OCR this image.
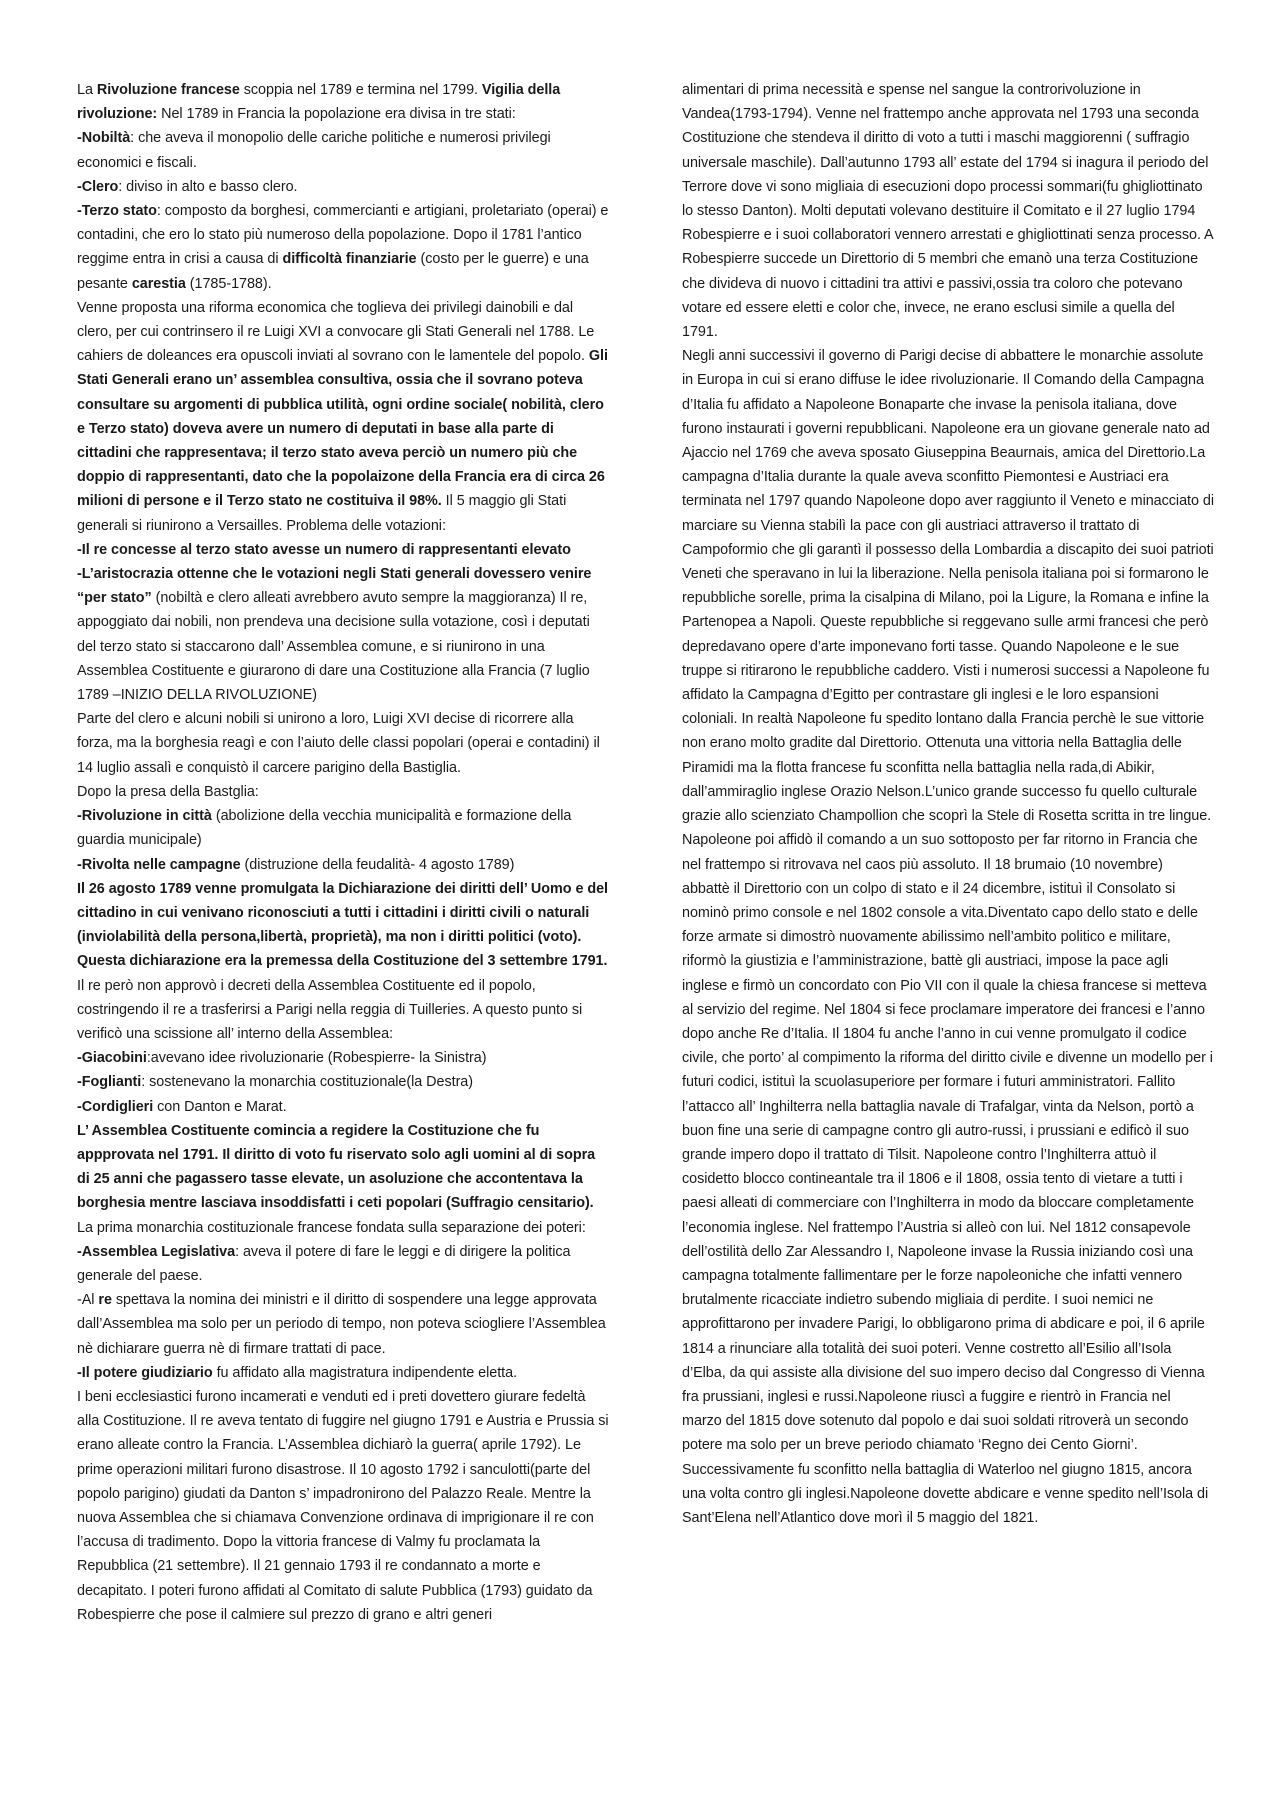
La Rivoluzione francese scoppia nel 1789 e termina nel 1799. Vigilia della rivoluzione: Nel 1789 in Francia la popolazione era divisa in tre stati:

-Nobiltà: che aveva il monopolio delle cariche politiche e numerosi privilegi economici e fiscali.

-Clero: diviso in alto e basso clero.

-Terzo stato: composto da borghesi, commercianti e artigiani, proletariato (operai) e contadini, che ero lo stato più numeroso della popolazione. Dopo il 1781 l’antico reggime entra in crisi a causa di difficoltà finanziarie (costo per le guerre) e una pesante carestia (1785-1788).

Venne proposta una riforma economica che toglieva dei privilegi dainobili e dal clero, per cui contrinsero il re Luigi XVI a convocare gli Stati Generali nel 1788. Le cahiers de doleances era opuscoli inviati al sovrano con le lamentele del popolo. Gli Stati Generali erano un’ assemblea consultiva, ossia che il sovrano poteva consultare su argomenti di pubblica utilità, ogni ordine sociale( nobilità, clero e Terzo stato) doveva avere un numero di deputati in base alla parte di cittadini che rappresentava; il terzo stato aveva perciò un numero più che doppio di rappresentanti, dato che la popolaizone della Francia era di circa 26 milioni di persone e il Terzo stato ne costituiva il 98%. Il 5 maggio gli Stati generali si riunirono a Versailles. Problema delle votazioni:

-Il re concesse al terzo stato avesse un numero di rappresentanti elevato

-L’aristocrazia ottenne che le votazioni negli Stati generali dovessero venire “per stato” (nobiltà e clero alleati avrebbero avuto sempre la maggioranza) Il re, appoggiato dai nobili, non prendeva una decisione sulla votazione, così i deputati del terzo stato si staccarono dall’ Assemblea comune, e si riunirono in una Assemblea Costituente e giurarono di dare una Costituzione alla Francia (7 luglio 1789 –INIZIO DELLA RIVOLUZIONE)

Parte del clero e alcuni nobili si unirono a loro, Luigi XVI decise di ricorrere alla forza, ma la borghesia reagì e con l’aiuto delle classi popolari (operai e contadini) il 14 luglio assalì e conquistò il carcere parigino della Bastiglia.

Dopo la presa della Bastglia:

-Rivoluzione in città (abolizione della vecchia municipalità e formazione della guardia municipale)

-Rivolta nelle campagne (distruzione della feudalità- 4 agosto 1789)

Il 26 agosto 1789 venne promulgata la Dichiarazione dei diritti dell’ Uomo e del cittadino in cui venivano riconosciuti a tutti i cittadini i diritti civili o naturali (inviolabilità della persona,libertà, proprietà), ma non i diritti politici (voto). Questa dichiarazione era la premessa della Costituzione del 3 settembre 1791. Il re però non approvò i decreti della Assemblea Costituente ed il popolo, costringendo il re a trasferirsi a Parigi nella reggia di Tuilleries. A questo punto si verificò una scissione all’ interno della Assemblea:

-Giacobini:avevano idee rivoluzionarie (Robespierre- la Sinistra)

-Foglianti: sostenevano la monarchia costituzionale(la Destra)

-Cordiglieri con Danton e Marat.

L’ Assemblea Costituente comincia a regidere la Costituzione che fu appprovata nel 1791. Il diritto di voto fu riservato solo agli uomini al di sopra di 25 anni che pagassero tasse elevate, un asoluzione che accontentava la borghesia mentre lasciava insoddisfatti i ceti popolari (Suffragio censitario). La prima monarchia costituzionale francese fondata sulla separazione dei poteri:

-Assemblea Legislativa: aveva il potere di fare le leggi e di dirigere la politica generale del paese.

-Al re spettava la nomina dei ministri e il diritto di sospendere una legge approvata dall’Assemblea ma solo per un periodo di tempo, non poteva sciogliere l’Assemblea nè dichiarare guerra nè di firmare trattati di pace.

-Il potere giudiziario fu affidato alla magistratura indipendente eletta.

I beni ecclesiastici furono incamerati e venduti ed i preti dovettero giurare fedeltà alla Costituzione. Il re aveva tentato di fuggire nel giugno 1791 e Austria e Prussia si erano alleate contro la Francia. L’Assemblea dichiarò la guerra( aprile 1792). Le prime operazioni militari furono disastrose. Il 10 agosto 1792 i sanculotti(parte del popolo parigino) giudati da Danton s’ impadronirono del Palazzo Reale. Mentre la nuova Assemblea che si chiamava Convenzione ordinava di imprigionare il re con l’accusa di tradimento. Dopo la vittoria francese di Valmy fu proclamata la Repubblica (21 settembre). Il 21 gennaio 1793 il re condannato a morte e decapitato. I poteri furono affidati al Comitato di salute Pubblica (1793) guidato da Robespierre che pose il calmiere sul prezzo di grano e altri generi

alimentari di prima necessità e spense nel sangue la controrivoluzione in Vandea(1793-1794). Venne nel frattempo anche approvata nel 1793 una seconda Costituzione che stendeva il diritto di voto a tutti i maschi maggiorenni ( suffragio universale maschile). Dall’autunno 1793 all’ estate del 1794 si inagura il periodo del Terrore dove vi sono migliaia di esecuzioni dopo processi sommari(fu ghigliottinato lo stesso Danton). Molti deputati volevano destituire il Comitato e il 27 luglio 1794 Robespierre e i suoi collaboratori vennero arrestati e ghigliottinati senza processo. A Robespierre succede un Direttorio di 5 membri che emanò una terza Costituzione che divideva di nuovo i cittadini tra attivi e passivi,ossia tra coloro che potevano votare ed essere eletti e color che, invece, ne erano esclusi simile a quella del 1791.

Negli anni successivi il governo di Parigi decise di abbattere le monarchie assolute in Europa in cui si erano diffuse le idee rivoluzionarie. Il Comando della Campagna d’Italia fu affidato a Napoleone Bonaparte che invase la penisola italiana, dove furono instaurati i governi repubblicani. Napoleone era un giovane generale nato ad Ajaccio nel 1769 che aveva sposato Giuseppina Beaurnais, amica del Direttorio.La campagna d’Italia durante la quale aveva sconfitto Piemontesi e Austriaci era terminata nel 1797 quando Napoleone dopo aver raggiunto il Veneto e minacciato di marciare su Vienna stabilì la pace con gli austriaci attraverso il trattato di Campoformio che gli garantì il possesso della Lombardia a discapito dei suoi patrioti Veneti che speravano in lui la liberazione. Nella penisola italiana poi si formarono le repubbliche sorelle, prima la cisalpina di Milano, poi la Ligure, la Romana e infine la Partenopea a Napoli. Queste repubbliche si reggevano sulle armi francesi che però depredavano opere d’arte imponevano forti tasse. Quando Napoleone e le sue truppe si ritirarono le repubbliche caddero. Visti i numerosi successi a Napoleone fu affidato la Campagna d’Egitto per contrastare gli inglesi e le loro espansioni coloniali. In realtà Napoleone fu spedito lontano dalla Francia perchè le sue vittorie non erano molto gradite dal Direttorio. Ottenuta una vittoria nella Battaglia delle Piramidi ma la flotta francese fu sconfitta nella battaglia nella rada,di Abikir, dall’ammiraglio inglese Orazio Nelson.L’unico grande successo fu quello culturale grazie allo scienziato Champollion che scoprì la Stele di Rosetta scritta in tre lingue. Napoleone poi affidò il comando a un suo sottoposto per far ritorno in Francia che nel frattempo si ritrovava nel caos più assoluto. Il 18 brumaio (10 novembre) abbattè il Direttorio con un colpo di stato e il 24 dicembre, istituì il Consolato si nominò primo console e nel 1802 console a vita.Diventato capo dello stato e delle forze armate si dimostrò nuovamente abilissimo nell’ambito politico e militare, riformò la giustizia e l’amministrazione, battè gli austriaci, impose la pace agli inglese e firmò un concordato con Pio VII con il quale la chiesa francese si metteva al servizio del regime. Nel 1804 si fece proclamare imperatore dei francesi e l’anno dopo anche Re d’Italia. Il 1804 fu anche l’anno in cui venne promulgato il codice civile, che porto’ al compimento la riforma del diritto civile e divenne un modello per i futuri codici, istituì la scuolasuperiore per formare i futuri amministratori. Fallito l’attacco all’ Inghilterra nella battaglia navale di Trafalgar, vinta da Nelson, portò a buon fine una serie di campagne contro gli autro-russi, i prussiani e edificò il suo grande impero dopo il trattato di Tilsit. Napoleone contro l’Inghilterra attuò il cosidetto blocco contineantale tra il 1806 e il 1808, ossia tento di vietare a tutti i paesi alleati di commerciare con l’Inghilterra in modo da bloccare completamente l’economia inglese. Nel frattempo l’Austria si alleò con lui. Nel 1812 consapevole dell’ostilità dello Zar Alessandro I, Napoleone invase la Russia iniziando così una campagna totalmente fallimentare per le forze napoleoniche che infatti vennero brutalmente ricacciate indietro subendo migliaia di perdite. I suoi nemici ne approfittarono per invadere Parigi, lo obbligarono prima di abdicare e poi, il 6 aprile 1814 a rinunciare alla totalità dei suoi poteri. Venne costretto all’Esilio all’Isola d’Elba, da qui assiste alla divisione del suo impero deciso dal Congresso di Vienna fra prussiani, inglesi e russi.Napoleone riuscì a fuggire e rientrò in Francia nel marzo del 1815 dove sotenuto dal popolo e dai suoi soldati ritroverà un secondo potere ma solo per un breve periodo chiamato ‘Regno dei Cento Giorni’. Successivamente fu sconfitto nella battaglia di Waterloo nel giugno 1815, ancora una volta contro gli inglesi.Napoleone dovette abdicare e venne spedito nell’Isola di Sant’Elena nell’Atlantico dove morì il 5 maggio del 1821.
